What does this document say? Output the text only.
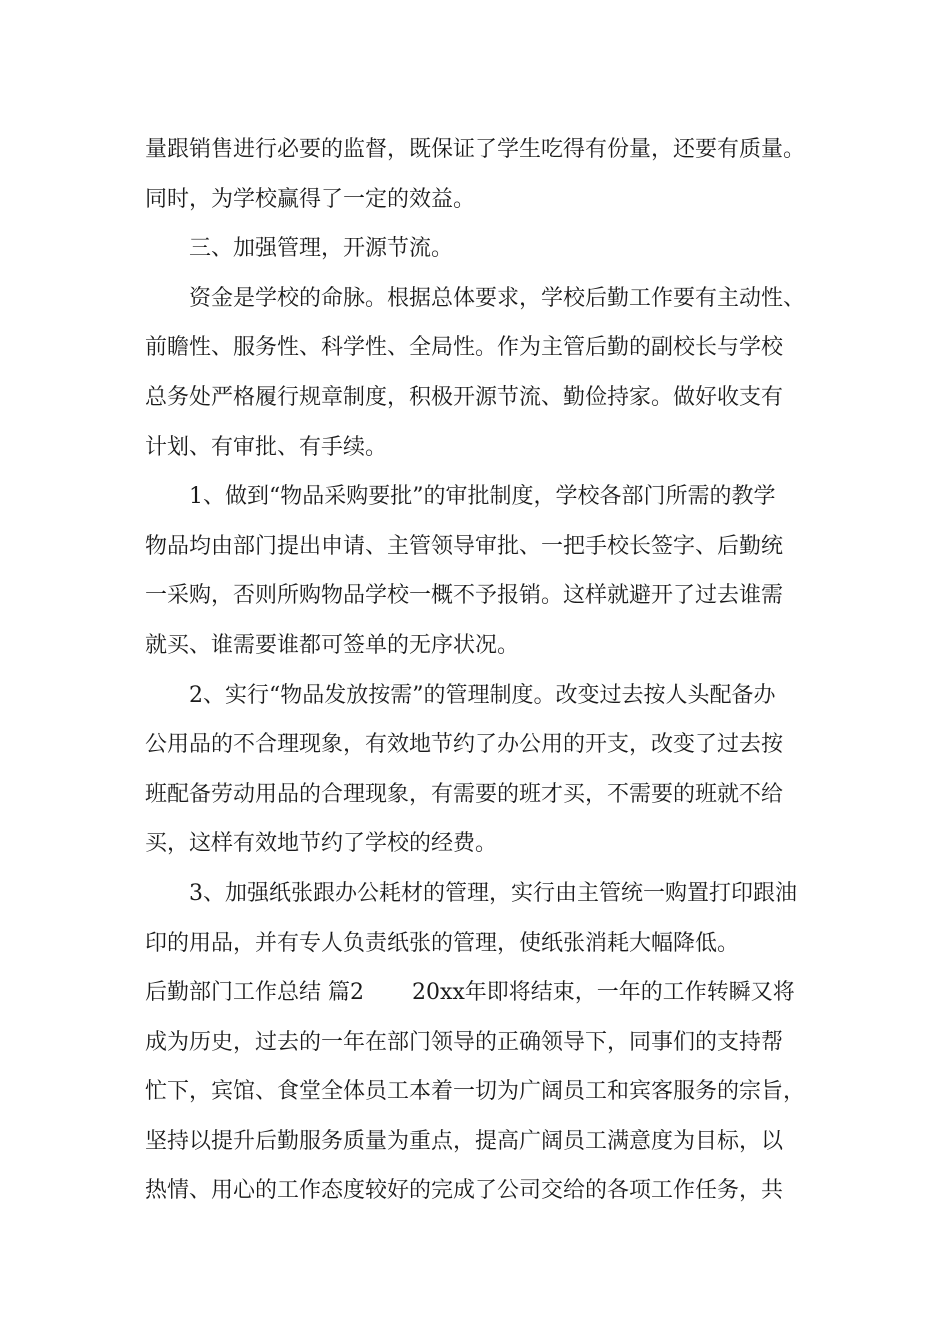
量跟销售进行必要的监督，既保证了学生吃得有份量，还要有质量。
同时，为学校赢得了一定的效益。
三、加强管理，开源节流。
资金是学校的命脉。根据总体要求，学校后勤工作要有主动性、
前瞻性、服务性、科学性、全局性。作为主管后勤的副校长与学校
总务处严格履行规章制度，积极开源节流、勤俭持家。做好收支有
计划、有审批、有手续。
1、做到“物品采购要批”的审批制度，学校各部门所需的教学
物品均由部门提出申请、主管领导审批、一把手校长签字、后勤统
一采购，否则所购物品学校一概不予报销。这样就避开了过去谁需
就买、谁需要谁都可签单的无序状况。
2、实行“物品发放按需”的管理制度。改变过去按人头配备办
公用品的不合理现象，有效地节约了办公用的开支，改变了过去按
班配备劳动用品的合理现象，有需要的班才买，不需要的班就不给
买，这样有效地节约了学校的经费。
3、加强纸张跟办公耗材的管理，实行由主管统一购置打印跟油
印的用品，并有专人负责纸张的管理，使纸张消耗大幅降低。
后勤部门工作总结 篇2 20xx年即将结束，一年的工作转瞬又将
成为历史，过去的一年在部门领导的正确领导下，同事们的支持帮
忙下，宾馆、食堂全体员工本着一切为广阔员工和宾客服务的宗旨，
坚持以提升后勤服务质量为重点，提高广阔员工满意度为目标，以
热情、用心的工作态度较好的完成了公司交给的各项工作任务，共
